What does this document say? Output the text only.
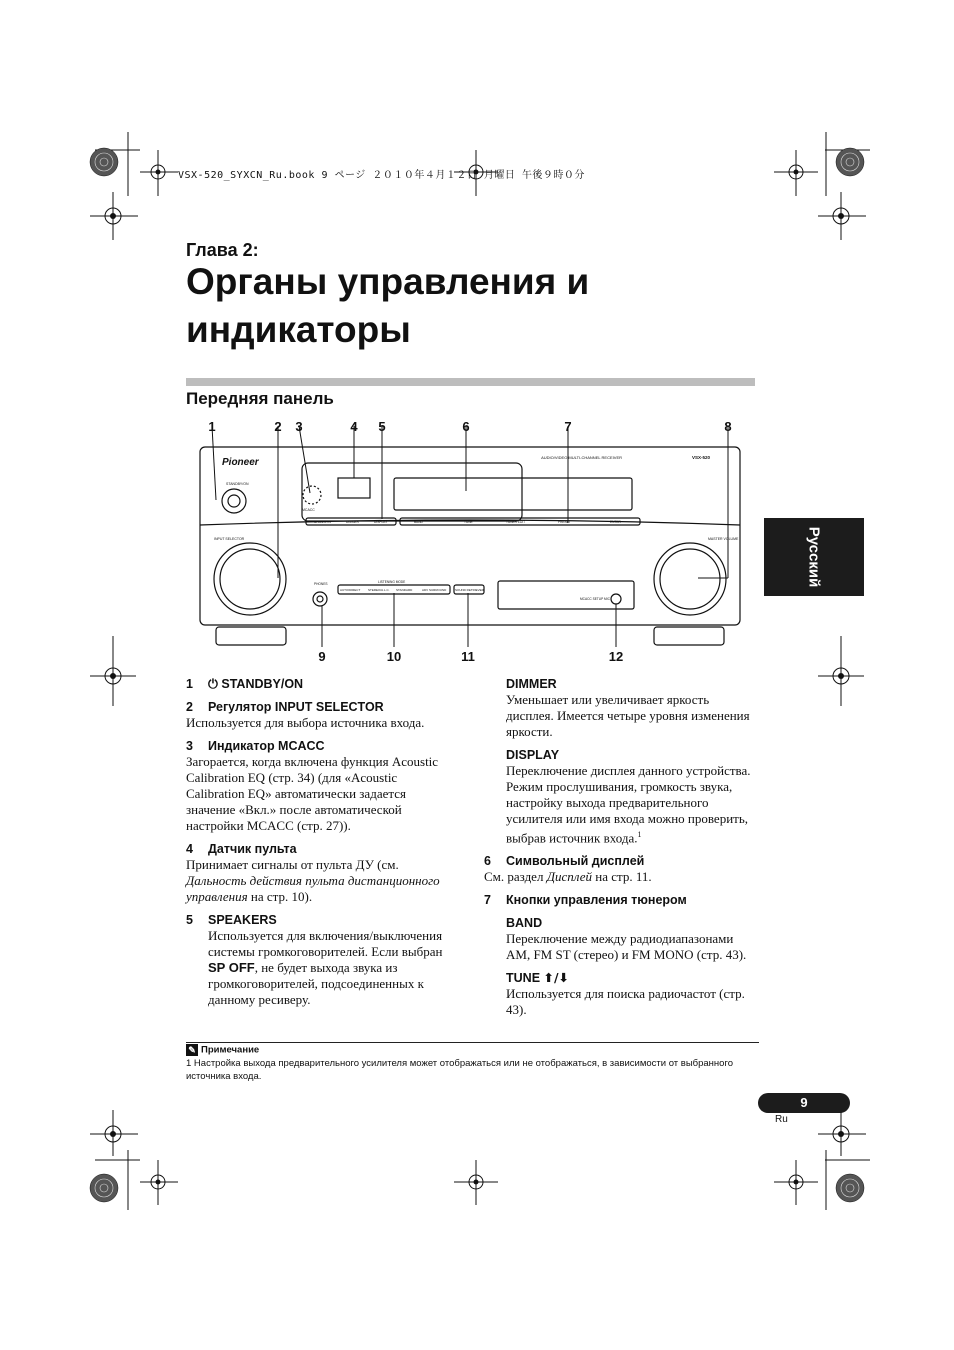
VSX-520_SYXCN_Ru.book 9 ページ ２０１０年４月１２日 月曜日 午後９時０分
Глава 2:
Органы управления и индикаторы
Передняя панель
Русский
1	2 3	4 5	6	7	8
9	10	11	12
Pioneer	AUDIO/VIDEO MULTI-CHANNEL RECEIVER	VSX-520
STANDBY/ON
MCACC
SPEAKERS	DIMMER	DISPLAY	BAND	TUNE	TUNER EDIT	PRESET	ENTER
INPUT SELECTOR	MASTER VOLUME
PHONES	LISTENING MODE
AUTO/DIRECT	STEREO/A.L.C. STANDARD	ADV SURROUND	SOUND RETRIEVER
MCACC SETUP MIC

1 ⏻ STANDBY/ON

2 Регулятор INPUT SELECTOR

Используется для выбора источника входа.

3 Индикатор MCACC

Загорается, когда включена функция Acoustic Calibration EQ (стр. 34) (для «Acoustic Calibration EQ» автоматически задается значение «Вкл.» после автоматической настройки MCACC (стр. 27)).

4 Датчик пульта

Принимает сигналы от пульта ДУ (см. Дальность действия пульта дистанционного управления на стр. 10).

5 SPEAKERS

Используется для включения/выключения системы громкоговорителей. Если выбран SP OFF, не будет выхода звука из громкоговорителей, подсоединенных к данному ресиверу.

DIMMER

Уменьшает или увеличивает яркость дисплея. Имеется четыре уровня изменения яркости.

DISPLAY

Переключение дисплея данного устройства. Режим прослушивания, громкость звука, настройку выхода предварительного усилителя или имя входа можно проверить, выбрав источник входа.$^1$

6 Символьный дисплей

См. раздел Дисплей на стр. 11.

7 Кнопки управления тюнером

BAND

Переключение между радиодиапазонами AM, FM ST (стерео) и FM MONO (стр. 43).

TUNE ⬆/⬇

Используется для поиска радиочастот (стр. 43).

✎ Примечание
1 Настройка выхода предварительного усилителя может отображаться или не отображаться, в зависимости от выбранного источника входа.
9
Ru
